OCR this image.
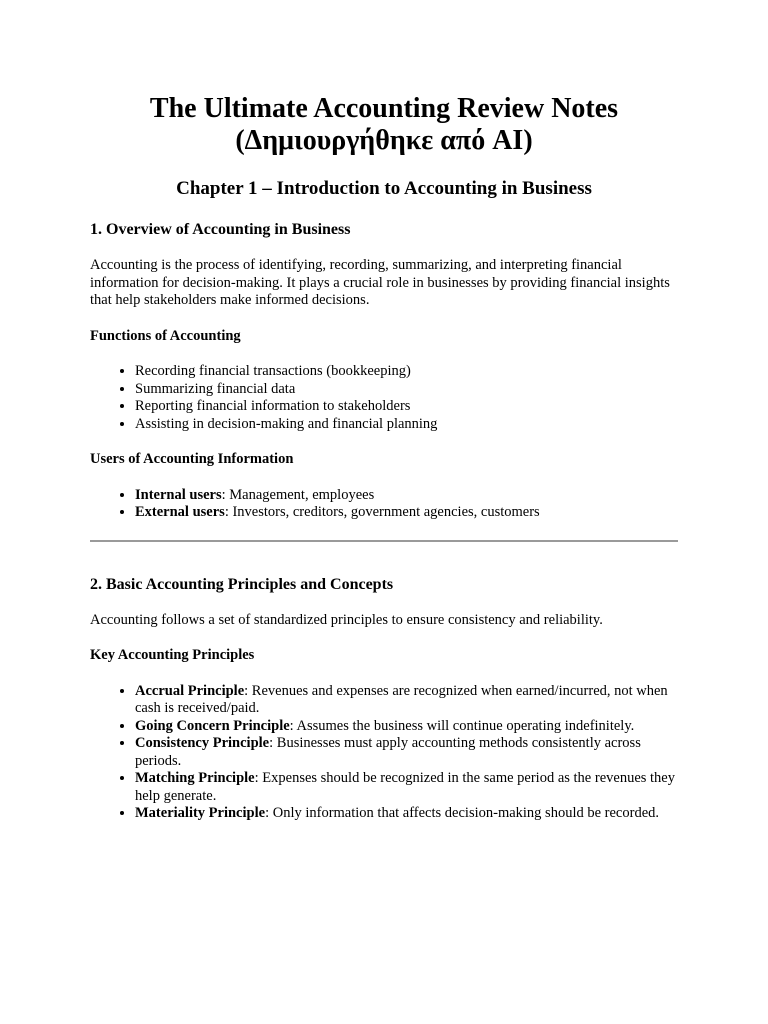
The Ultimate Accounting Review Notes
(Δημιουργήθηκε από AI)
Chapter 1 – Introduction to Accounting in Business
1. Overview of Accounting in Business

Accounting is the process of identifying, recording, summarizing, and interpreting financial information for decision-making. It plays a crucial role in businesses by providing financial insights that help stakeholders make informed decisions.

Functions of Accounting

• Recording financial transactions (bookkeeping)
• Summarizing financial data
• Reporting financial information to stakeholders
• Assisting in decision-making and financial planning

Users of Accounting Information

• Internal users: Management, employees
• External users: Investors, creditors, government agencies, customers
2. Basic Accounting Principles and Concepts

Accounting follows a set of standardized principles to ensure consistency and reliability.

Key Accounting Principles

• Accrual Principle: Revenues and expenses are recognized when earned/incurred, not when cash is received/paid.
• Going Concern Principle: Assumes the business will continue operating indefinitely.
• Consistency Principle: Businesses must apply accounting methods consistently across periods.
• Matching Principle: Expenses should be recognized in the same period as the revenues they help generate.
• Materiality Principle: Only information that affects decision-making should be recorded.
